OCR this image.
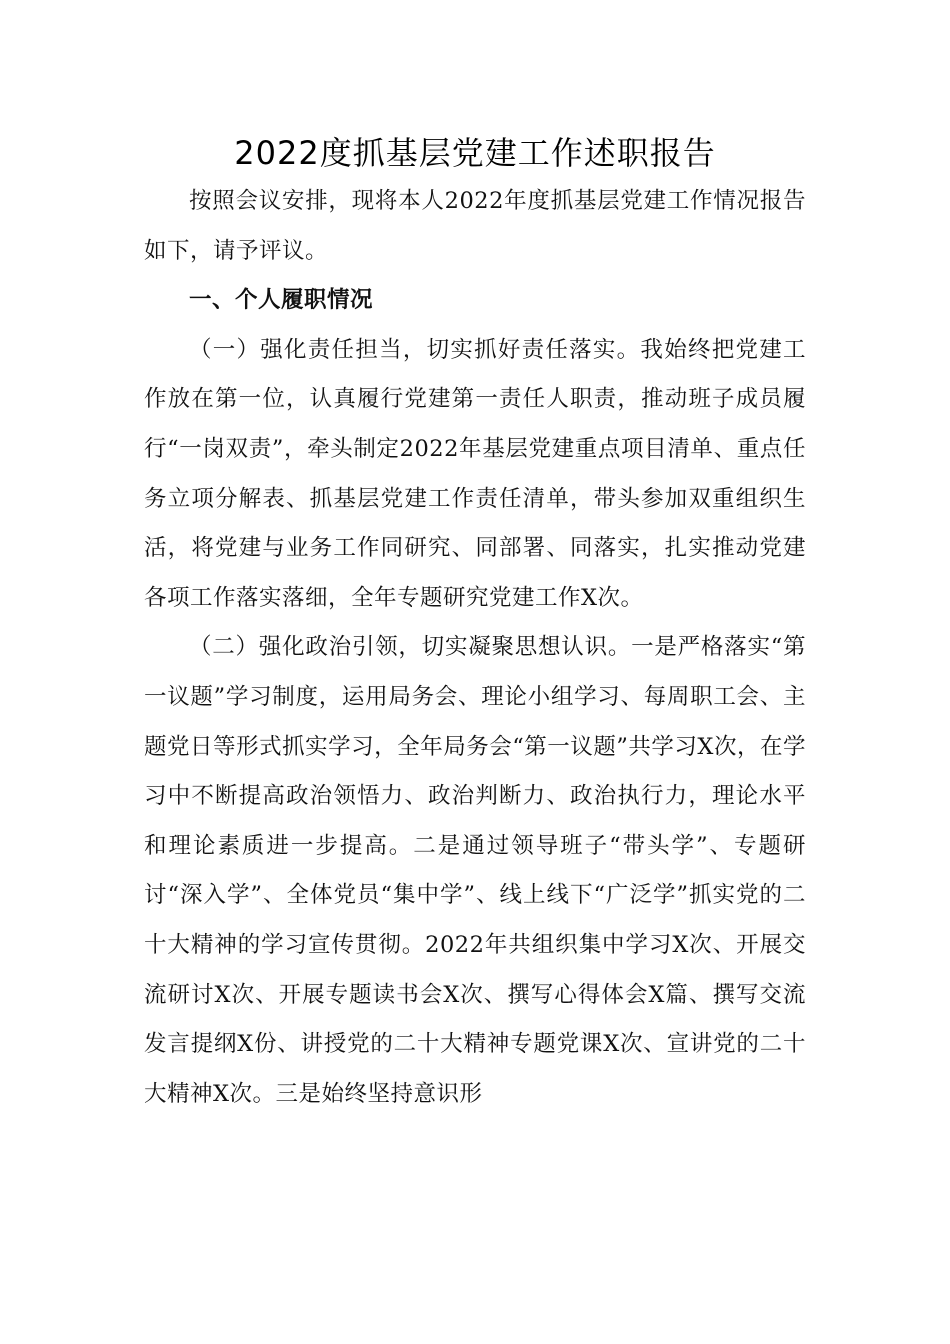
2022度抓基层党建工作述职报告

按照会议安排，现将本人2022年度抓基层党建工作情况报告如下，请予评议。

一、个人履职情况

（一）强化责任担当，切实抓好责任落实。我始终把党建工作放在第一位，认真履行党建第一责任人职责，推动班子成员履行“一岗双责”，牵头制定2022年基层党建重点项目清单、重点任务立项分解表、抓基层党建工作责任清单，带头参加双重组织生活，将党建与业务工作同研究、同部署、同落实，扎实推动党建各项工作落实落细，全年专题研究党建工作X次。

（二）强化政治引领，切实凝聚思想认识。一是严格落实“第一议题”学习制度，运用局务会、理论小组学习、每周职工会、主题党日等形式抓实学习，全年局务会“第一议题”共学习X次，在学习中不断提高政治领悟力、政治判断力、政治执行力，理论水平和理论素质进一步提高。二是通过领导班子“带头学”、专题研讨“深入学”、全体党员“集中学”、线上线下“广泛学”抓实党的二十大精神的学习宣传贯彻。2022年共组织集中学习X次、开展交流研讨X次、开展专题读书会X次、撰写心得体会X篇、撰写交流发言提纲X份、讲授党的二十大精神专题党课X次、宣讲党的二十大精神X次。三是始终坚持意识形
